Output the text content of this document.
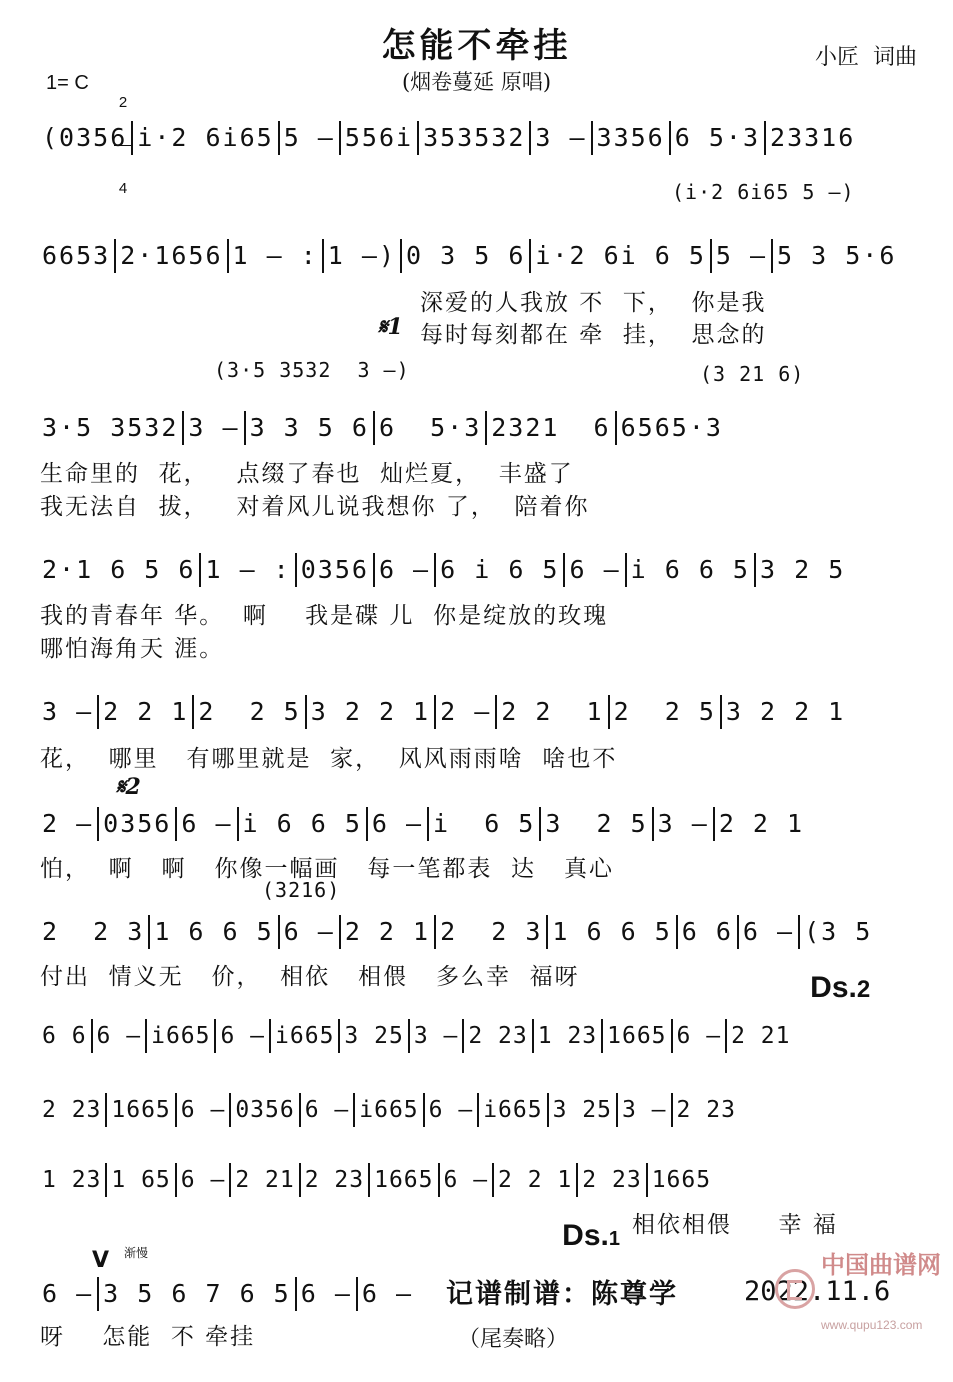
怎能不牵挂
(烟卷蔓延 原唱)
小匠  词曲
1= C

2

4

(0356 i·2 6i65 5 – 556i 353532 3 – 3356 6 5·3 23316
(i·2 6i65 5 –)
6653 2·1656 1 – : 1 –) 0 3 5 6 i·2 6i 6 5 5 – 5 3 5·6
深爱的人我放 不  下，  你是我
𝄋1 每时每刻都在 牵  挂，  思念的
(3·5 3532  3 –)	(3 21 6)
3·5 3532 3 – 3 3 5 6 6  5·3 2321  6 6565·3
生命里的  花，   点缀了春也  灿烂夏，  丰盛了
我无法自  拔，   对着风儿说我想你 了，  陪着你
2·1 6 5 6 1 – : 0356 6 – 6 i 6 5 6 – i 6 6 5 3 2 5
我的青春年 华。  啊    我是碟 儿  你是绽放的玫瑰
哪怕海角天 涯。
3 – 2 2 1 2  2 5 3 2 2 1 2 – 2 2  1 2  2 5 3 2 2 1
花，  哪里   有哪里就是  家，  风风雨雨啥  啥也不
𝄋2
2 – 0356 6 – i 6 6 5 6 – i  6 5 3  2 5 3 – 2 2 1
怕，  啊   啊   你像一幅画   每一笔都表  达   真心
(3216)
2  2 3 1 6 6 5 6 – 2 2 1 2  2 3 1 6 6 5 6 6 6 – (3 5
付出  情义无   价，  相依   相偎   多么幸  福呀	Ds.2

6 6 6 – i665 6 – i665 3 25 3 – 2 23 1 23 1665 6 – 2 21
2 23 1665 6 – 0356 6 – i665 6 – i665 3 25 3 – 2 23
1 23 1 65 6 – 2 21 2 23 1665 6 – 2 2 1 2 23 1665

Ds.1

相依相偎     幸 福
V 渐慢
6 – 3 5 6 7 6 5 6 – 6 – 记谱制谱：陈尊学 2022.11.6
呀    怎能  不 牵挂	（尾奏略）

中国曲谱网

www.qupu123.com
